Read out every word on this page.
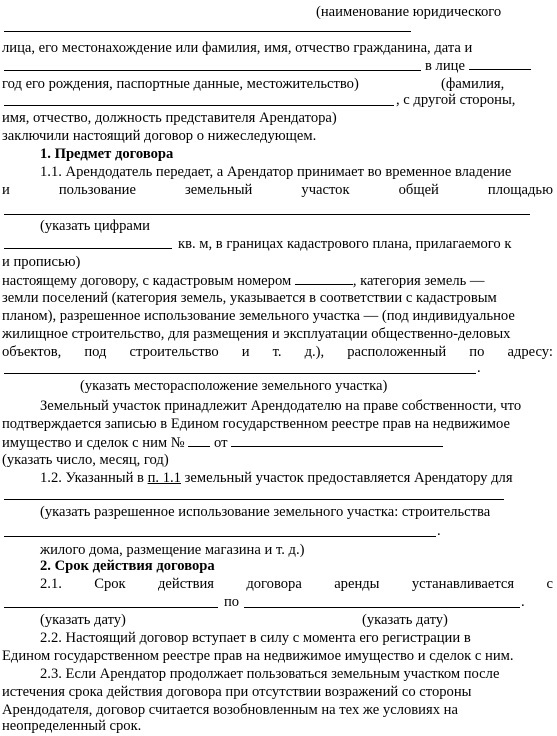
(наименование юридического
лица, его местонахождение или фамилия, имя, отчество гражданина, дата и
в лице
год его рождения, паспортные данные, местожительство)	(фамилия,
, с другой стороны,
имя, отчество, должность представителя Арендатора)
заключили настоящий договор о нижеследующем.
1. Предмет договора
1.1. Арендодатель передает, а Арендатор принимает во временное владение
и	пользование	земельный	участок	общей	площадью
(указать цифрами
кв. м, в границах кадастрового плана, прилагаемого к
и прописью)
настоящему договору, с кадастровым номером	, категория земель —
земли поселений (категория земель, указывается в соответствии с кадастровым
планом), разрешенное использование земельного участка — (под индивидуальное
жилищное строительство, для размещения и эксплуатации общественно-деловых
объектов, под строительство и т. д.), расположенный по адресу:
.
(указать месторасположение земельного участка)
Земельный участок принадлежит Арендодателю на праве собственности, что
подтверждается записью в Едином государственном реестре прав на недвижимое
имущество и сделок с ним № от
(указать число, месяц, год)
1.2. Указанный в п. 1.1 земельный участок предоставляется Арендатору для
(указать разрешенное использование земельного участка: строительства
.
жилого дома, размещение магазина и т. д.)
2. Срок действия договора
2.1. Срок действия договора аренды устанавливается с
по	.
(указать дату)	(указать дату)
2.2. Настоящий договор вступает в силу с момента его регистрации в
Едином государственном реестре прав на недвижимое имущество и сделок с ним.
2.3. Если Арендатор продолжает пользоваться земельным участком после
истечения срока действия договора при отсутствии возражений со стороны
Арендодателя, договор считается возобновленным на тех же условиях на
неопределенный срок.
